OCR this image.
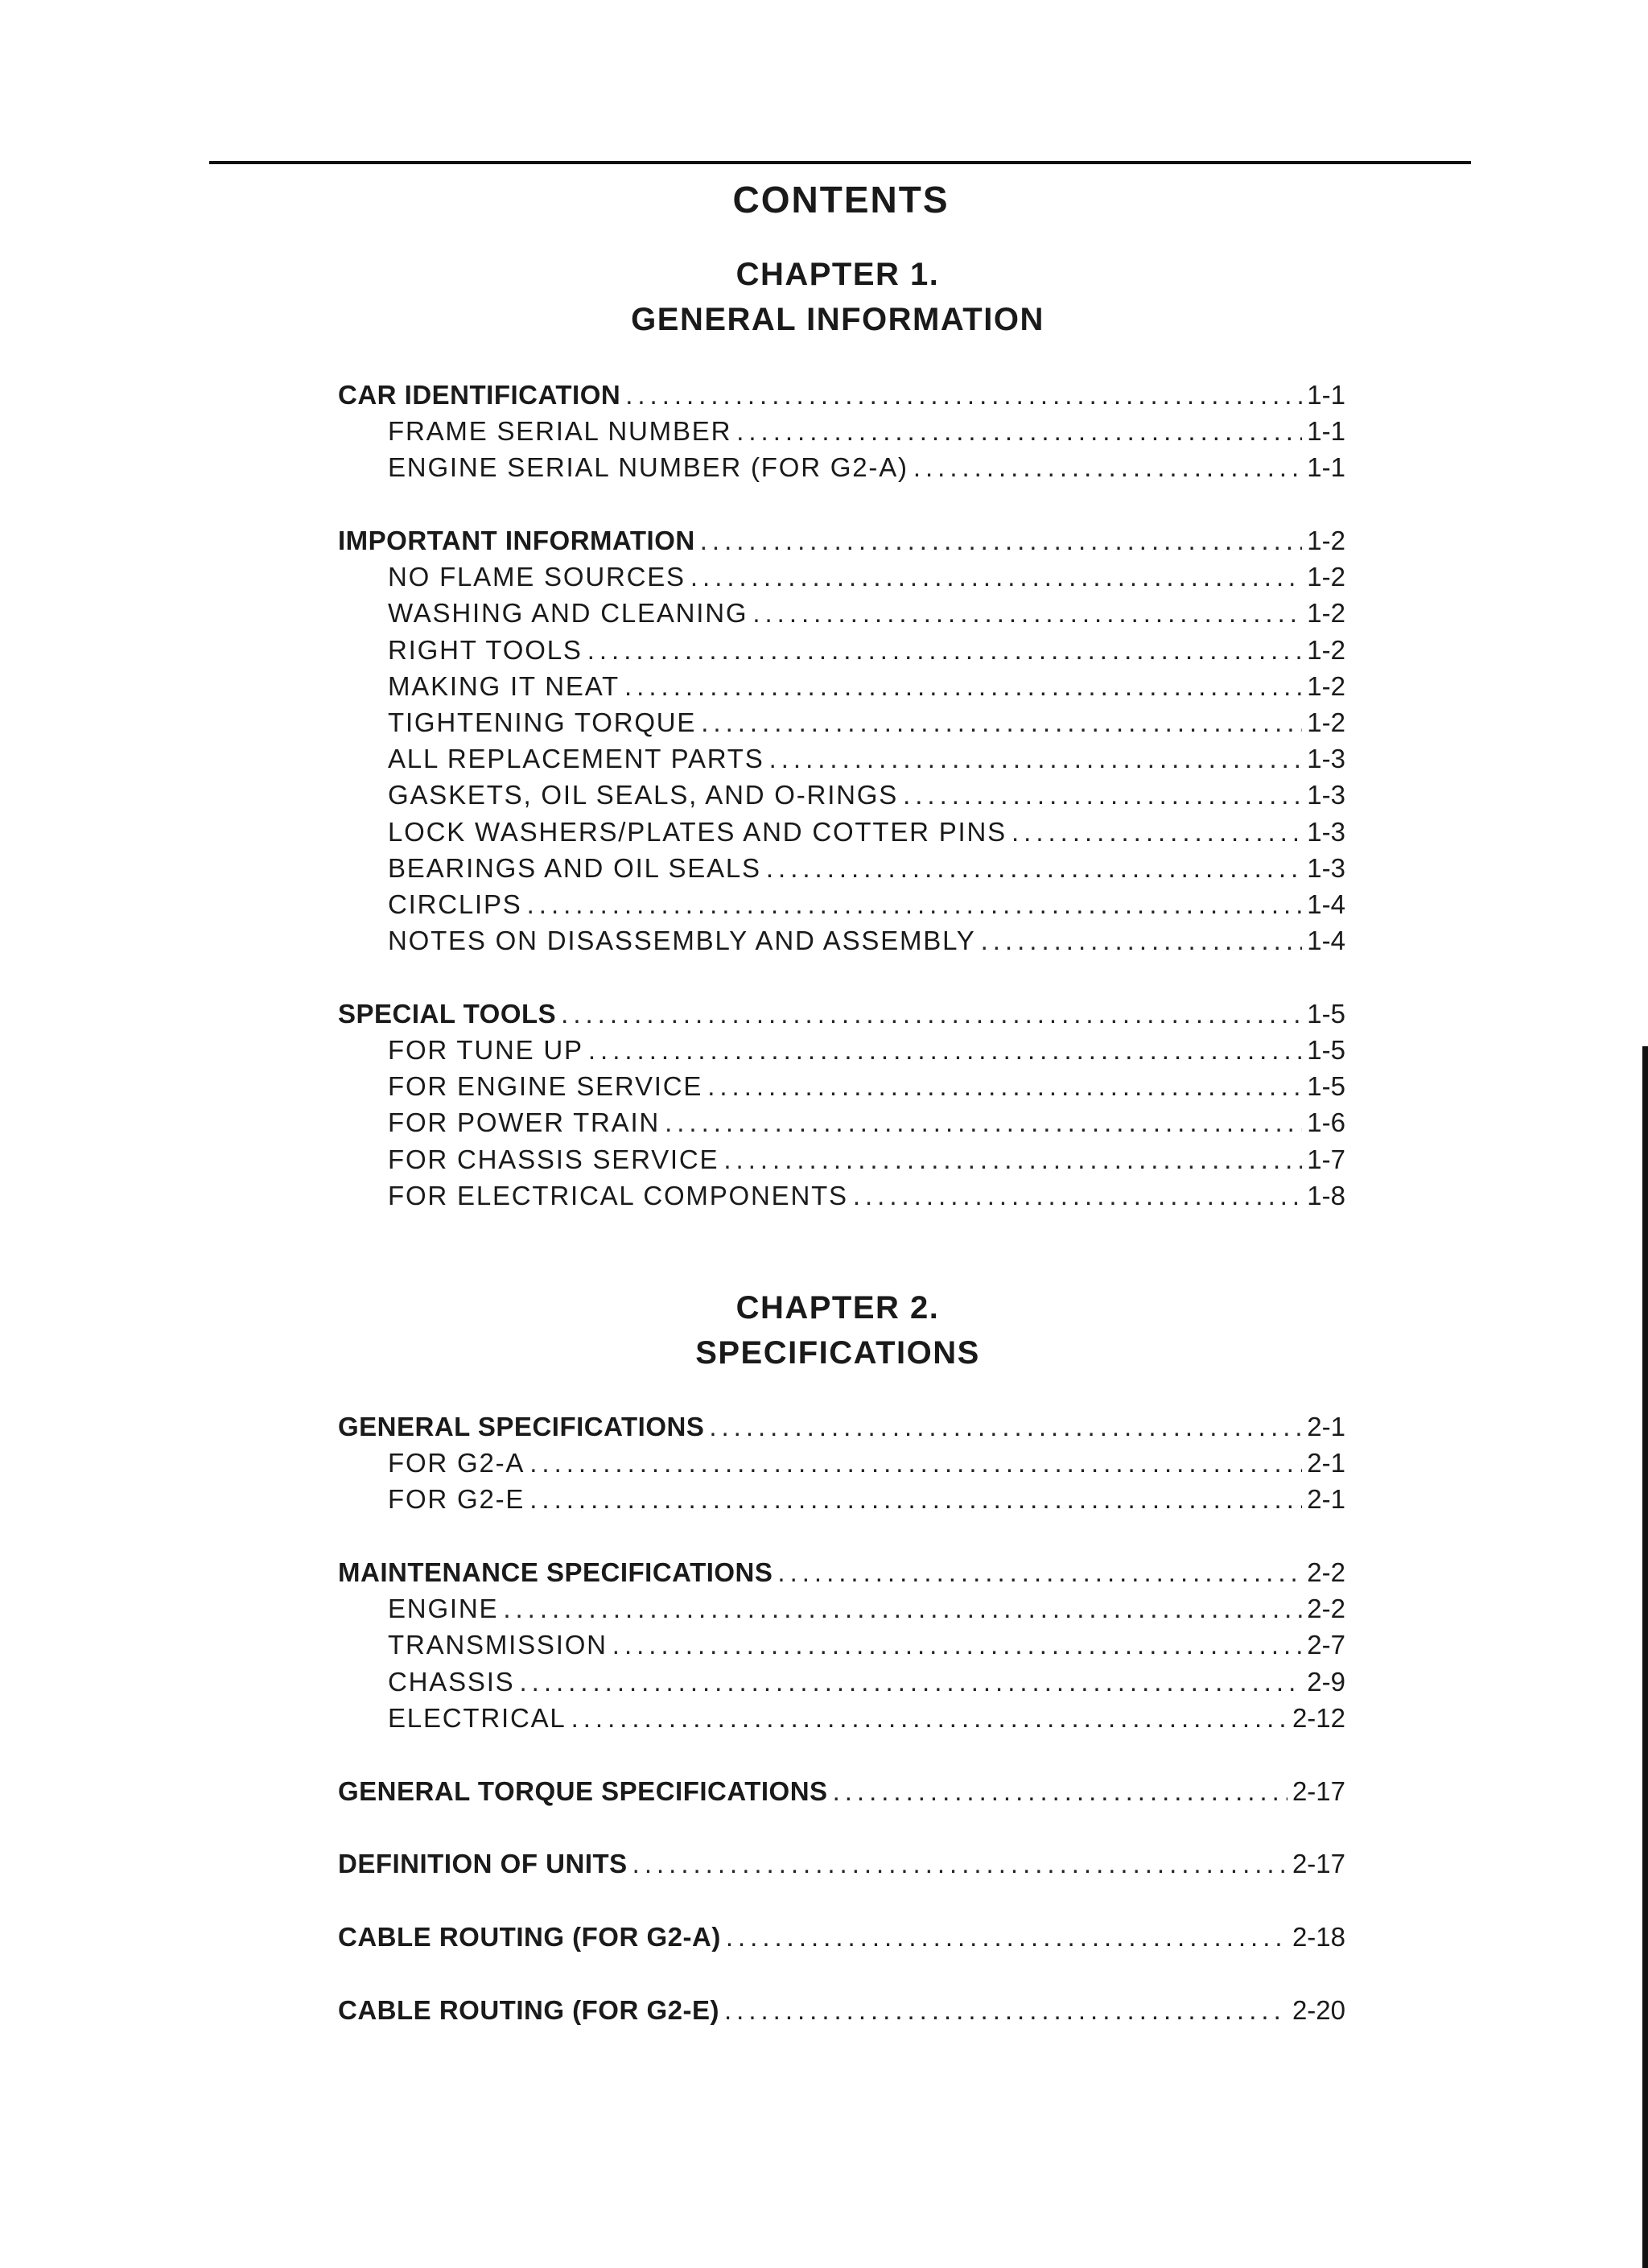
CONTENTS
CHAPTER 1.
GENERAL INFORMATION
CAR IDENTIFICATION .....	1-1
FRAME SERIAL NUMBER .....	1-1
ENGINE SERIAL NUMBER (FOR G2-A) .....	1-1
IMPORTANT INFORMATION .....	1-2
NO FLAME SOURCES .....	1-2
WASHING AND CLEANING .....	1-2
RIGHT TOOLS .....	1-2
MAKING IT NEAT .....	1-2
TIGHTENING TORQUE .....	1-2
ALL REPLACEMENT PARTS .....	1-3
GASKETS, OIL SEALS, AND O-RINGS .....	1-3
LOCK WASHERS/PLATES AND COTTER PINS .....	1-3
BEARINGS AND OIL SEALS .....	1-3
CIRCLIPS .....	1-4
NOTES ON DISASSEMBLY AND ASSEMBLY .....	1-4
SPECIAL TOOLS .....	1-5
FOR TUNE UP .....	1-5
FOR ENGINE SERVICE .....	1-5
FOR POWER TRAIN .....	1-6
FOR CHASSIS SERVICE .....	1-7
FOR ELECTRICAL COMPONENTS .....	1-8
CHAPTER 2.
SPECIFICATIONS
GENERAL SPECIFICATIONS .....	2-1
FOR G2-A .....	2-1
FOR G2-E .....	2-1
MAINTENANCE SPECIFICATIONS .....	2-2
ENGINE .....	2-2
TRANSMISSION .....	2-7
CHASSIS .....	2-9
ELECTRICAL .....	2-12
GENERAL TORQUE SPECIFICATIONS .....	2-17
DEFINITION OF UNITS .....	2-17
CABLE ROUTING (FOR G2-A) .....	2-18
CABLE ROUTING (FOR G2-E) .....	2-20
